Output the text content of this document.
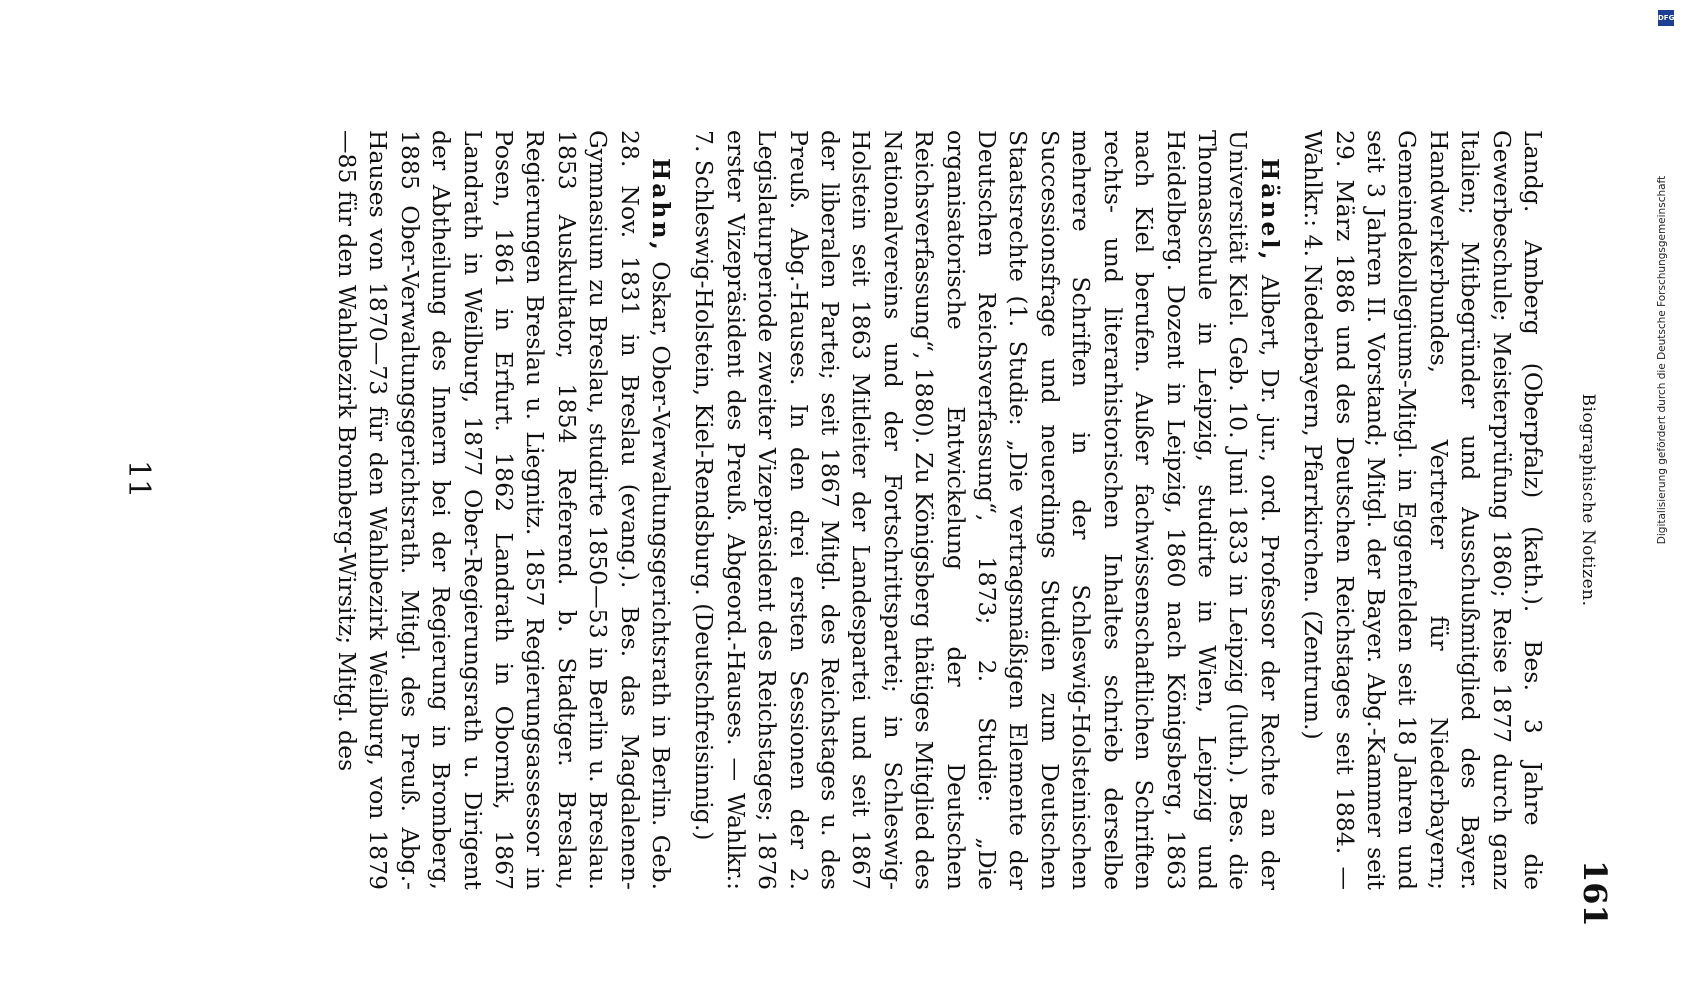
Biographische Notizen.
161

Landg. Amberg (Oberpfalz) (kath.). Bes. 3 Jahre die Gewerbeschule; Meisterprüfung 1860; Reise 1877 durch ganz Italien; Mitbegründer und Ausschußmitglied des Bayer. Handwerkerbundes, Vertreter für Niederbayern; Gemeindekollegiums-Mitgl. in Eggenfelden seit 18 Jahren und seit 3 Jahren II. Vorstand; Mitgl. der Bayer. Abg.-Kammer seit 29. März 1886 und des Deutschen Reichstages seit 1884. — Wahlkr.: 4. Niederbayern, Pfarrkirchen. (Zentrum.)

Hänel, Albert, Dr. jur., ord. Professor der Rechte an der Universität Kiel. Geb. 10. Juni 1833 in Leipzig (luth.). Bes. die Thomasschule in Leipzig, studirte in Wien, Leipzig und Heidelberg. Dozent in Leipzig, 1860 nach Königsberg, 1863 nach Kiel berufen. Außer fachwissenschaftlichen Schriften rechts- und literarhistorischen Inhaltes schrieb derselbe mehrere Schriften in der Schleswig-Holsteinischen Successionsfrage und neuerdings Studien zum Deutschen Staatsrechte (1. Studie: „Die vertragsmäßigen Elemente der Deutschen Reichsverfassung“, 1873; 2. Studie: „Die organisatorische Entwickelung der Deutschen Reichsverfassung“, 1880). Zu Königsberg thätiges Mitglied des Nationalvereins und der Fortschrittspartei; in Schleswig-Holstein seit 1863 Mitleiter der Landespartei und seit 1867 der liberalen Partei; seit 1867 Mitgl. des Reichstages u. des Preuß. Abg.-Hauses. In den drei ersten Sessionen der 2. Legislaturperiode zweiter Vizepräsident des Reichstages; 1876 erster Vizepräsident des Preuß. Abgeord.-Hauses. — Wahlkr.: 7. Schleswig-Holstein, Kiel-Rendsburg. (Deutschfreisinnig.)

Hahn, Oskar, Ober-Verwaltungsgerichtsrath in Berlin. Geb. 28. Nov. 1831 in Breslau (evang.). Bes. das Magdalenen-Gymnasium zu Breslau, studirte 1850—53 in Berlin u. Breslau. 1853 Auskultator, 1854 Referend. b. Stadtger. Breslau, Regierungen Breslau u. Liegnitz. 1857 Regierungsassessor in Posen, 1861 in Erfurt. 1862 Landrath in Obornik, 1867 Landrath in Weilburg, 1877 Ober-Regierungsrath u. Dirigent der Abtheilung des Innern bei der Regierung in Bromberg, 1885 Ober-Verwaltungsgerichtsrath. Mitgl. des Preuß. Abg.-Hauses von 1870—73 für den Wahlbezirk Weilburg, von 1879 —85 für den Wahlbezirk Bromberg-Wirsitz; Mitgl. des

11
DFG
Digitalisierung gefördert durch die Deutsche Forschungsgemeinschaft
